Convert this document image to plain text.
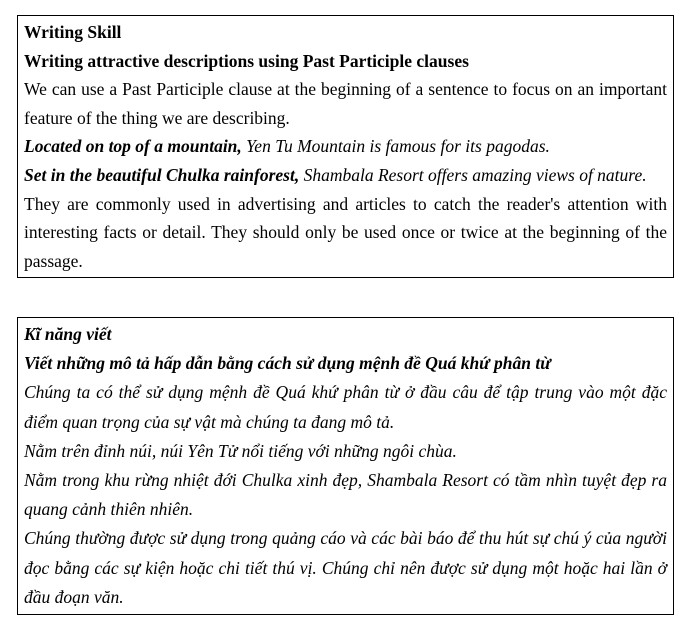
Writing Skill

Writing attractive descriptions using Past Participle clauses

We can use a Past Participle clause at the beginning of a sentence to focus on an important feature of the thing we are describing.

Located on top of a mountain, Yen Tu Mountain is famous for its pagodas.

Set in the beautiful Chulka rainforest, Shambala Resort offers amazing views of nature.

They are commonly used in advertising and articles to catch the reader's attention with interesting facts or detail. They should only be used once or twice at the beginning of the passage.

Kĩ năng viết

Viết những mô tả hấp dẫn bằng cách sử dụng mệnh đề Quá khứ phân từ

Chúng ta có thể sử dụng mệnh đề Quá khứ phân từ ở đầu câu để tập trung vào một đặc điểm quan trọng của sự vật mà chúng ta đang mô tả.

Nằm trên đỉnh núi, núi Yên Tử nổi tiếng với những ngôi chùa.

Nằm trong khu rừng nhiệt đới Chulka xinh đẹp, Shambala Resort có tầm nhìn tuyệt đẹp ra quang cảnh thiên nhiên.

Chúng thường được sử dụng trong quảng cáo và các bài báo để thu hút sự chú ý của người đọc bằng các sự kiện hoặc chi tiết thú vị. Chúng chỉ nên được sử dụng một hoặc hai lần ở đầu đoạn văn.
